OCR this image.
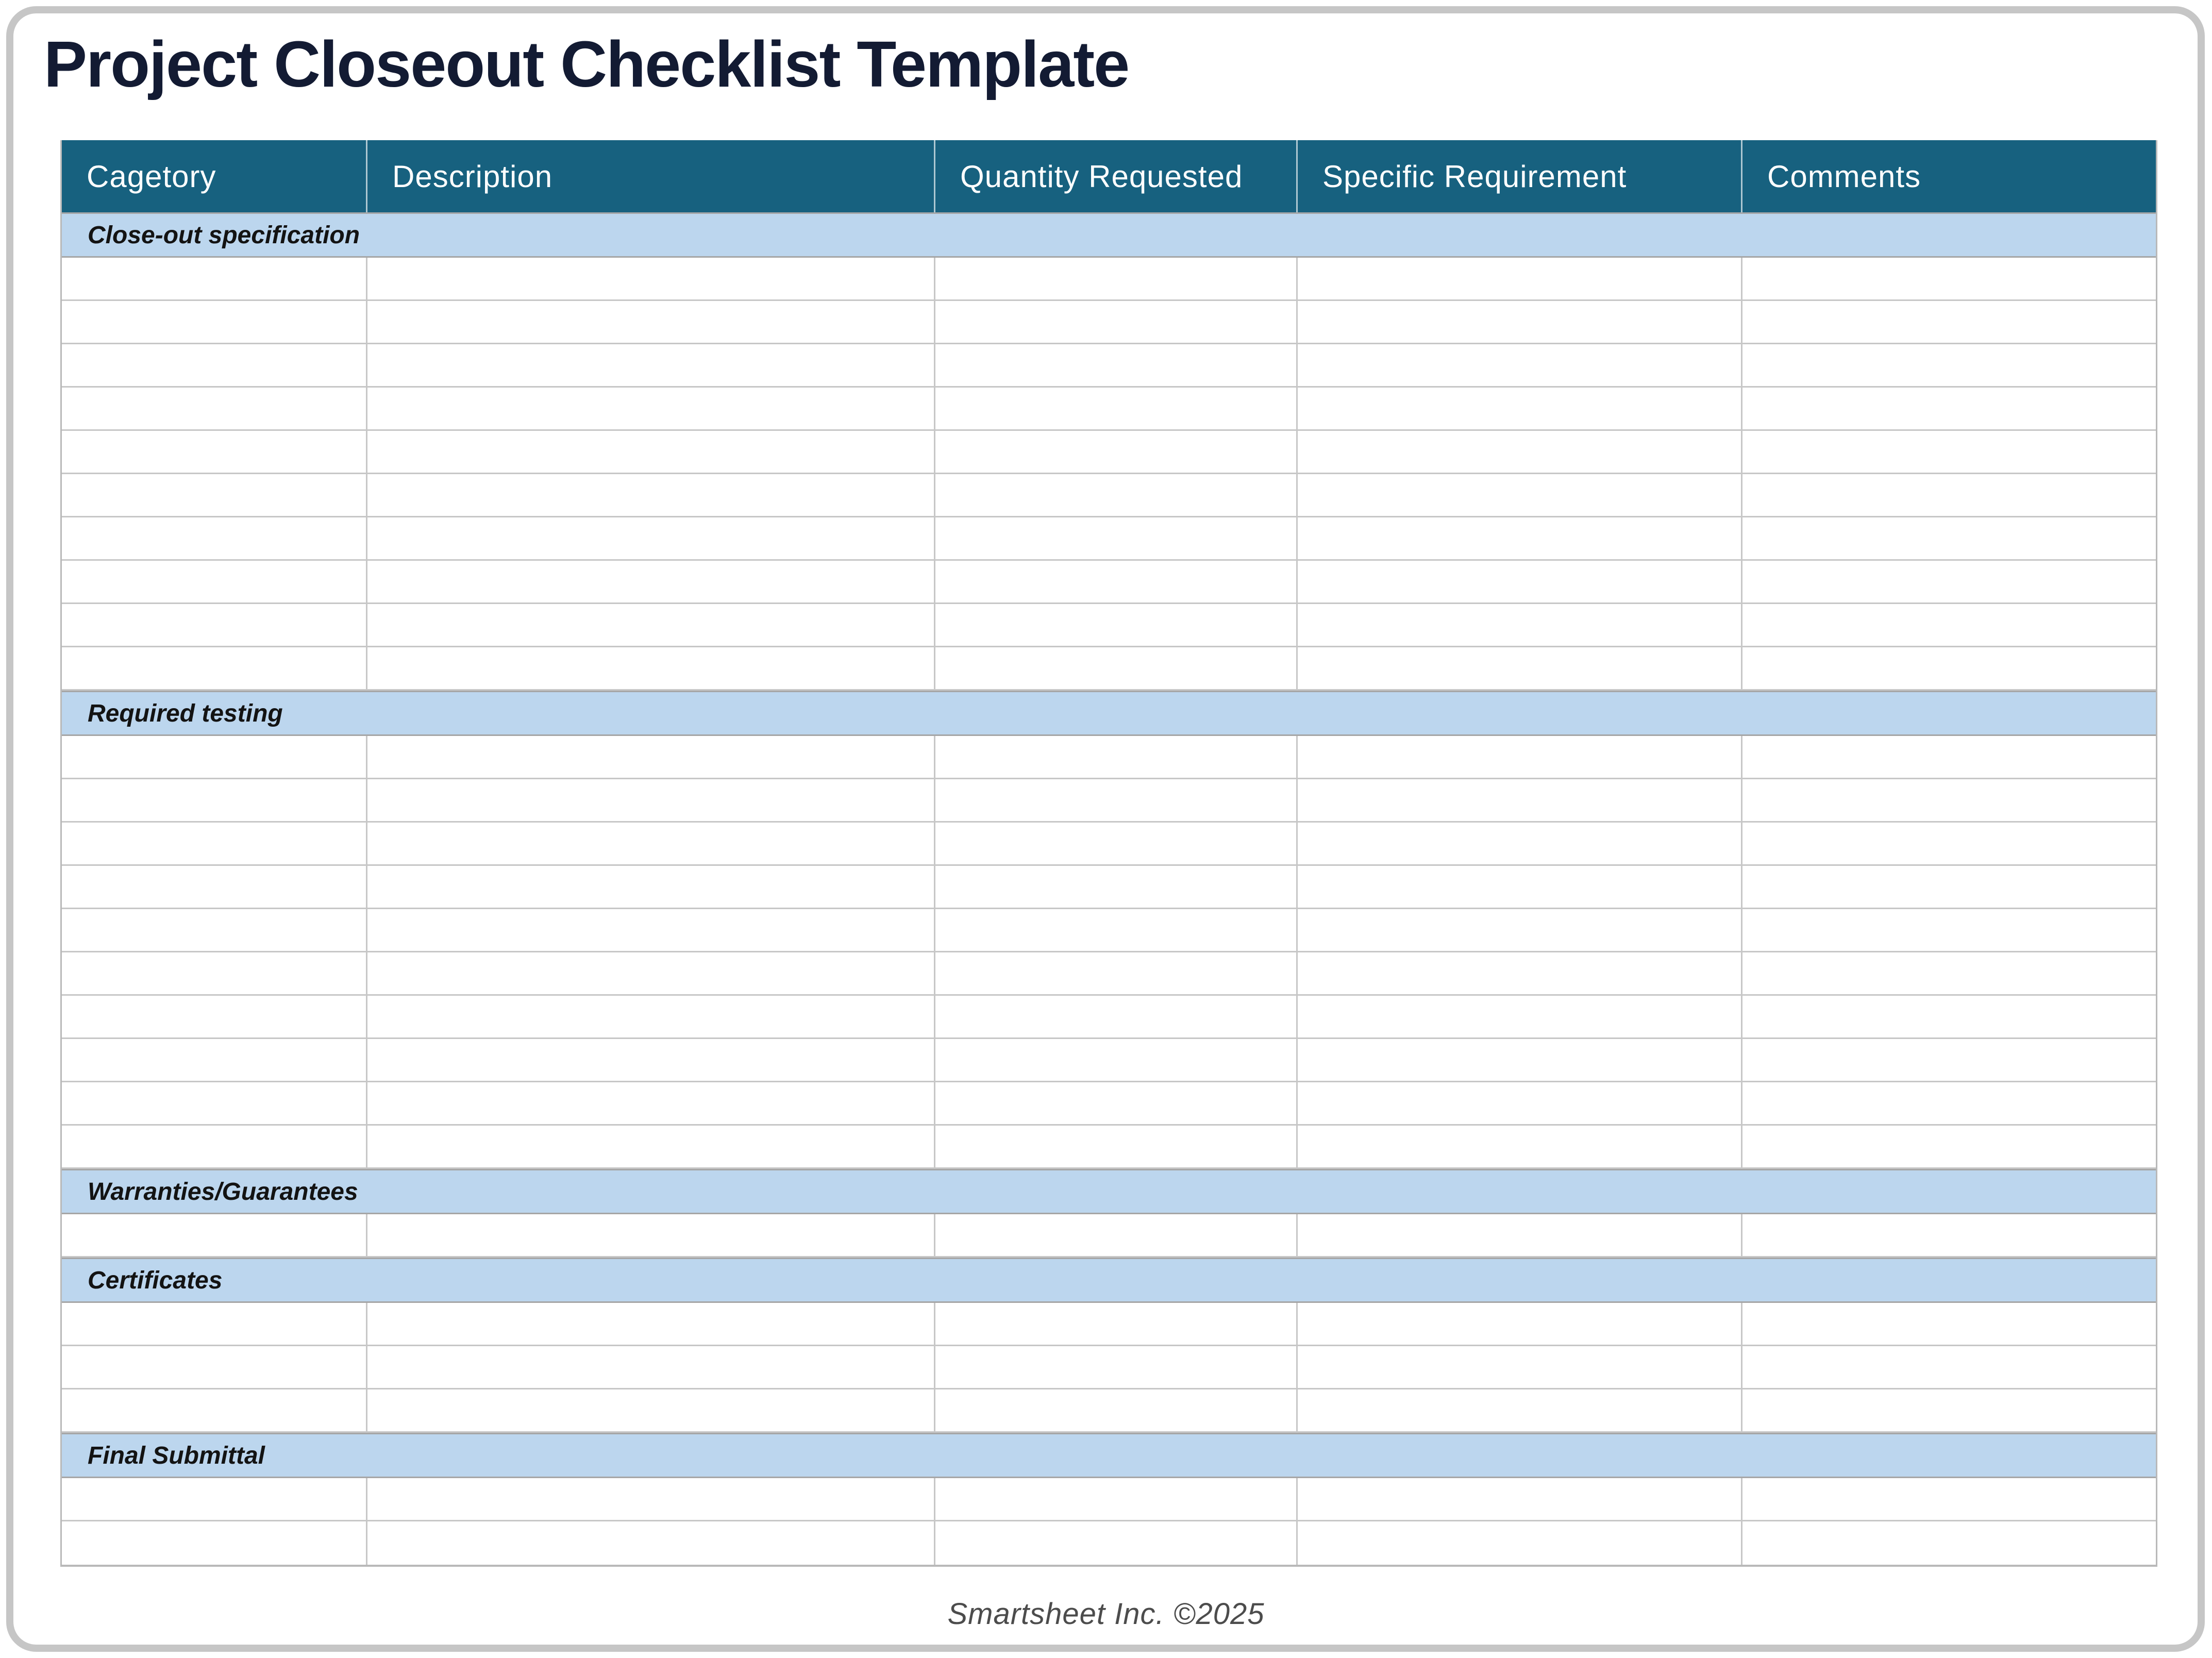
Project Closeout Checklist Template
Cagetory	Description	Quantity Requested	Specific Requirement	Comments
Close-out specification
Required testing
Warranties/Guarantees
Certificates
Final Submittal
Smartsheet Inc. ©2025
